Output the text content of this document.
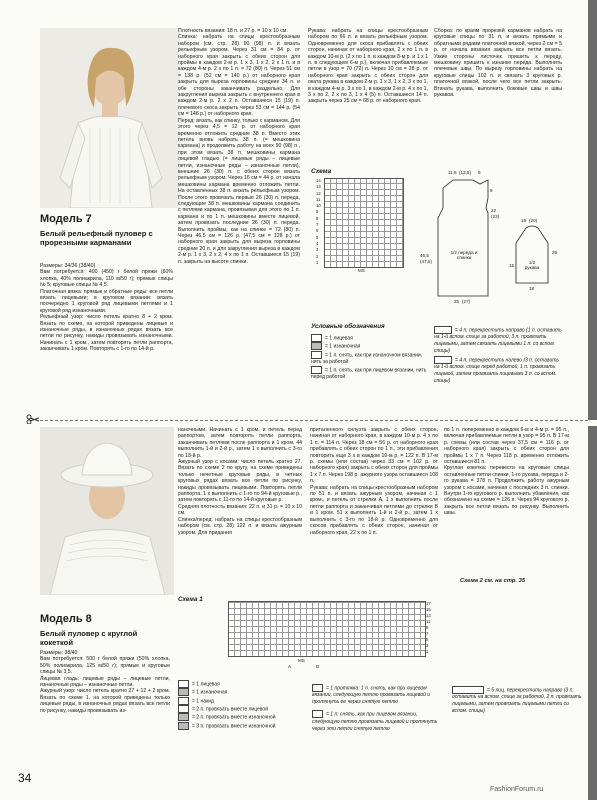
Модель 7
Белый рельефный пуловер с прорезными карманами

Размеры: 34/36 (38/40)
Вам потребуется: 400 (450) г белой пряжи (60% хлопка, 40% полиакрила, 110 м/50 г); прямые спицы № 5; круговые спицы № 4,5.
Платочная вязка: прямые и обратные ряды: все петли вязать лицевыми; в круговом вязании: вязать поочередно 1 круговой ряд лицевыми петлями и 1 круговой ряд изнаночными.
Рельефный узор: число петель кратно 8 + 2 кром. Вязать по схеме, на которой приведены лицевые и изнаночные ряды, в изнаночных рядах вязать все петли по рисунку, накиды провязывать изнаночными. Начинать с 1 кром., затем повторять петли раппорта, заканчивать 1 кром. Повторять с 1-го по 14-й р.

Плотность вязания: 18 п. и 27 р. = 10 х 10 см.
Спинка: набрать на спицы крестообразным набором (см. стр. 28) 90 (98) п. и вязать рельефным узором. Через 31 см = 84 р. от наборного края закрыть с обеих сторон для проймы в каждом 2-м р. 1 х 3, 1 х 2, 2 х 1 п. и в каждом 4-м р. 2 х по 1 п. = 72 (80) п. Через 51 см = 138 р. (52 см = 140 р.) от наборного края закрыть для выреза горловины средние 34 п. и обе стороны заканчивать раздельно. Для закругления выреза закрыть с внутреннего края в каждом 2-м р. 2 х 2 п. Оставшиеся 15 (19) п. плечевого скоса закрыть через 53 см = 144 р. (54 см = 146 р.) от наборного края.
Перед: вязать, как спинку, только с карманом. Для этого через 4,5 = 12 р. от наборного края временно отложить средние 38 п. Вместо этих петель вновь набрать 38 п. (= мешковина кармана) и продолжить работу на всех 90 (98) п., при этом вязать 38 п. мешковины кармана лицевой гладью (= лицевые ряды – лицевые петли, изнаночные ряды – изнаночные петли), внешние 26 (30) п. с обеих сторон вязать рельефным узором. Через 16 см = 44 р. от начала мешковины кармана временно отложить петли. На оставленных 38 п. вязать рельефным узором. После этого провязать первые 26 (30) п. переда, следующие 38 п. мешковины кармана соединить с петлями кармана, провязывая для этого по 1 п. кармана и по 1 п. мешковины вместе лицевой, затем провязать последние 26 (30) п. переда. Выполнить проймы, как на спинке = 72 (80) п. Через 46,5 см = 126 р. (47,5 см = 128 р.) от наборного края закрыть для выреза горловины средние 20 п. и для закругления выреза в каждом 2-м р. 1 х 3, 2 х 2, 4 х по 1 п. Оставшиеся 15 (19) п. закрыть на высоте спинки.

Рукава: набрать на спицы крестообразным набором по 66 п. и вязать рельефным узором. Одновременно для скоса прибавлять с обеих сторон, начиная от наборного края, 2 х по 1 п. в каждом 10-м р. (2 х по 1 п. в каждом 8-м р. и 1 х 1 п. в следующем 6-м р.), включая прибавляемые петли в узор = 70 (72) п. Через 10 см = 28 р. от наборного края закрыть с обеих сторон для оката рукава в каждом 2-м р. 1 х 3, 1 х 2, 3 х по 1, в каждом 4-м р. 3 х по 1, в каждом 2-м р. 4 х по 1, 3 х по 2, 2 х по 3, 1 х 4 (5) п. Оставшиеся 14 п. закрыть через 25 см = 68 р. от наборного края.

Сборка: по краям прорезей карманов набрать на круговые спицы по 31 п. и вязать прямыми и обратными рядами платочной вязкой, через 2 см = 5 р. от начала вязания закрыть все петли вязать. Узкие стороны листочек пришить к переду, мешковину пришить к изнанке переда. Выполнить плечевые швы. По вырезу горловины набрать на круговые спицы 102 п. и связать 3 круговых р. платочной вязкой, после чего все петли закрыть. Втачать рукава, выполнить боковые швы и швы рукавов.

Схема
14
13
12
11
10
9
8
7
6
5
4
3
2
1
MS
11,5 (13,5) 8
9
22
(23)
46,5
(47,5)
25 (27)
1/2 переда и спинки
19 (20)
25
15
1/2 рукава
18
Условные обозначения
= 1 лицевая
= 1 изнаночная
= 1 п. снять, как при изнаночном вязании, нить за работой
= 1 п. снять, как при лицевом вязании, нить перед работой
= 4 п. перекрестить направо (1 п. оставить на 1-й вспом. спице за работой, 3 п. провязать лицевыми, затем связать лицевыми 1 п. со вспом. спицы)
= 4 п. перекрестить налево (3 п. оставить на 1-й вспом. спице перед работой, 1 п. провязать лицевой, затем провязать лицевыми 3 п. со вспом. спицы)
Модель 8
Белый пуловер с круглой кокеткой

Размеры: 38/40
Вам потребуется: 500 г белой пряжи (50% хлопка, 50% полиакрила, 125 м/50 г); прямые и круговые спицы № 3,5.
Лицевая гладь: лицевые ряды – лицевые петли, изнаночные ряды – изнаночные петли.
Ажурный узор: число петель кратно 27 + 12 + 2 кром. Вязать по схеме 1, на которой приведены только лицевые ряды, в изнаночных рядах вязать все петли по рисунку, накиды провязывать из-

наночными. Начинать с 1 кром. и петель перед раппортом, затем повторять петли раппорта, заканчивать петлями после раппорта и 1 кром. 44 выполнить 1-й и 2-й р., затем 1 х выполнить с 3-го по 18-й р.
Ажурный узор с косами: число петель кратно 27. Вязать по схеме 2 по кругу, на схеме приведены только нечетные круговые ряды, в четных круговых рядах вязать все петли по рисунку, накиды провязывать лицевыми. Повторять петли раппорта. 1 х выполнить с 1-го по 94-й круговые р., затем повторять с 11-го по 14-й круговые р.
Средняя плотность вязания: 22 п. и 31 р. = 10 х 10 см.
Спинка/перед: набрать на спицы крестообразным набором (см. стр. 28) 122 п. и вязать ажурным узором. Для придания

приталенного силуэта закрыть с обеих сторон, начиная от наборного края, в каждом 10-м р. 4 х по 1 п. = 114 п. Через 18 см = 56 р. от наборного края прибавлять с обеих сторон по 1 п., эти прибавления повторить еще 3 х в каждом 10-м р. = 122 п. В 17-м р. схемы (или состав) через 33 см = 102 р. от наборного края) закрыть с обеих сторон для проймы 1 х 7 п. Через 198 р. ажурного узора оставшиеся 108 п.
Рукава: набрать на спицы крестообразным набором по 51 п. и вязать ажурным узором, начиная с 1 кром., и петель от стрелки A, 1 х выполнить после петли раппорта и заканчивая петлями до стрелки B и 1 кром. 51 х выполнить 1-й и 2-й р., затем 1 х выполнить с 3-го по 18-й р. Одновременно для скосов прибавлять с обеих сторон, начиная от наборного края, 22 х по 1 п.

по 1 п. попеременно в каждом 6-м и 4-м р. = 95 п., включая прибавляемые петли в узор = 95 п. В 17-м р. схемы (или состав через 37,5 см = 116 р. от наборного края) закрыть с обеих сторон для проймы 1 х 7 п. Через 118 р. временно отложить оставшиеся 81 п.
Круглая кокетка: перевести на круговые спицы оставленные петли спинки, 1-го рукава, переда и 2-го рукава = 378 п. Продолжить работу ажурным узором с косами, начиная с последних 3 п. спинки. Внутри 1-го кругового р. выполнить убавления, как обозначено на схеме = 126 п. Через 94 кругового р. закрыть все петли вязать по рисунку. Выполнить швы.

Схема 2 см. на стр. 35
Схема 1
17
15
13
11
9
7
5
3
1
MS
A	B
= 1 лицевая
= 1 изнаночная
= 1 накид
= 2 п. провязать вместе лицевой
= 2 п. провязать вместе изнаночной
= 3 п. провязать вместе изнаночной
= 1 протяжка: 1 п. снять, как при лицевом вязании, следующую петлю провязать лицевой и протянуть ее через снятую петлю
= 1 п. снять, как при лицевом вязании, следующую петлю провязать лицевой и протянуть через эти петли снятую петлю
= 5 лиц. перекрестить направо (3 п. оставить на вспом. спице за работой, 2 п. провязать лицевыми, затем провязать лицевыми петли со вспом. спицы)
34
FashionForum.ru
